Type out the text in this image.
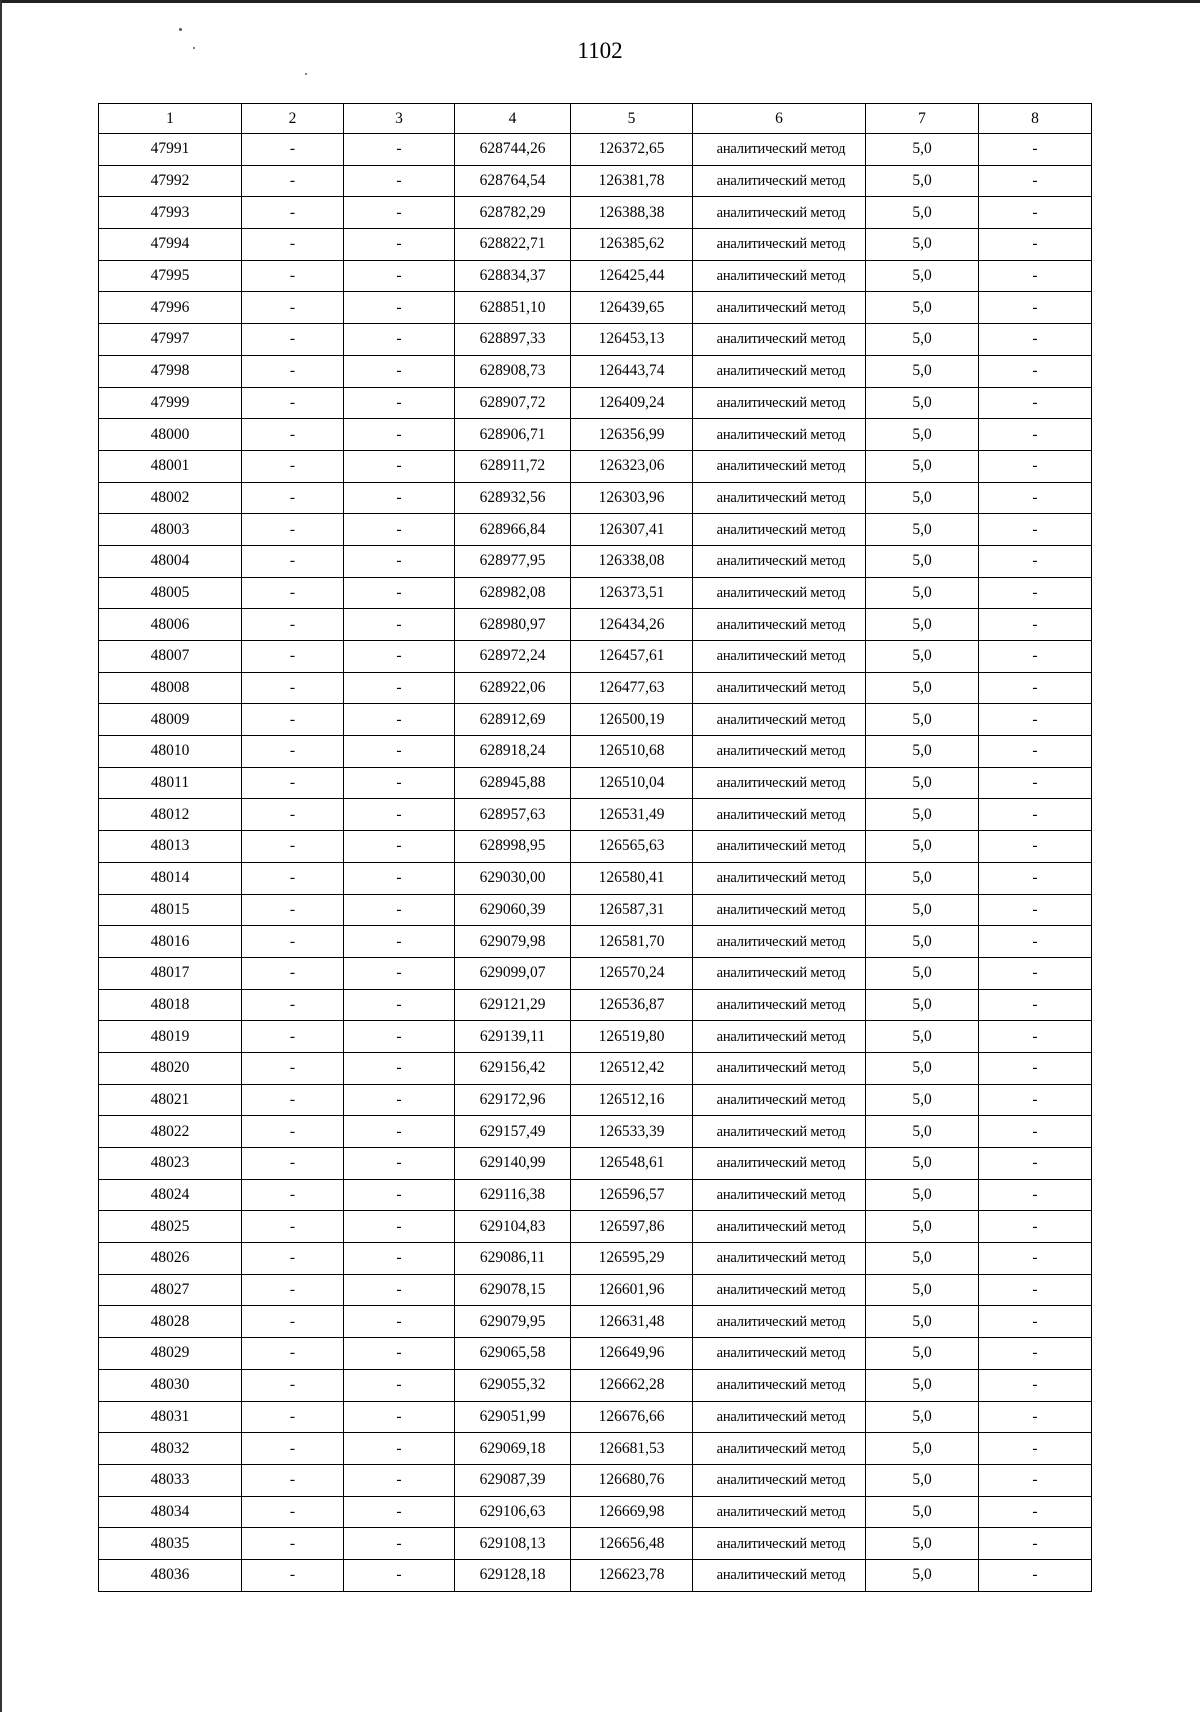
1102
1	2	3	4	5	6	7	8
47991	-	-	628744,26	126372,65	аналитический метод	5,0	-
47992	-	-	628764,54	126381,78	аналитический метод	5,0	-
47993	-	-	628782,29	126388,38	аналитический метод	5,0	-
47994	-	-	628822,71	126385,62	аналитический метод	5,0	-
47995	-	-	628834,37	126425,44	аналитический метод	5,0	-
47996	-	-	628851,10	126439,65	аналитический метод	5,0	-
47997	-	-	628897,33	126453,13	аналитический метод	5,0	-
47998	-	-	628908,73	126443,74	аналитический метод	5,0	-
47999	-	-	628907,72	126409,24	аналитический метод	5,0	-
48000	-	-	628906,71	126356,99	аналитический метод	5,0	-
48001	-	-	628911,72	126323,06	аналитический метод	5,0	-
48002	-	-	628932,56	126303,96	аналитический метод	5,0	-
48003	-	-	628966,84	126307,41	аналитический метод	5,0	-
48004	-	-	628977,95	126338,08	аналитический метод	5,0	-
48005	-	-	628982,08	126373,51	аналитический метод	5,0	-
48006	-	-	628980,97	126434,26	аналитический метод	5,0	-
48007	-	-	628972,24	126457,61	аналитический метод	5,0	-
48008	-	-	628922,06	126477,63	аналитический метод	5,0	-
48009	-	-	628912,69	126500,19	аналитический метод	5,0	-
48010	-	-	628918,24	126510,68	аналитический метод	5,0	-
48011	-	-	628945,88	126510,04	аналитический метод	5,0	-
48012	-	-	628957,63	126531,49	аналитический метод	5,0	-
48013	-	-	628998,95	126565,63	аналитический метод	5,0	-
48014	-	-	629030,00	126580,41	аналитический метод	5,0	-
48015	-	-	629060,39	126587,31	аналитический метод	5,0	-
48016	-	-	629079,98	126581,70	аналитический метод	5,0	-
48017	-	-	629099,07	126570,24	аналитический метод	5,0	-
48018	-	-	629121,29	126536,87	аналитический метод	5,0	-
48019	-	-	629139,11	126519,80	аналитический метод	5,0	-
48020	-	-	629156,42	126512,42	аналитический метод	5,0	-
48021	-	-	629172,96	126512,16	аналитический метод	5,0	-
48022	-	-	629157,49	126533,39	аналитический метод	5,0	-
48023	-	-	629140,99	126548,61	аналитический метод	5,0	-
48024	-	-	629116,38	126596,57	аналитический метод	5,0	-
48025	-	-	629104,83	126597,86	аналитический метод	5,0	-
48026	-	-	629086,11	126595,29	аналитический метод	5,0	-
48027	-	-	629078,15	126601,96	аналитический метод	5,0	-
48028	-	-	629079,95	126631,48	аналитический метод	5,0	-
48029	-	-	629065,58	126649,96	аналитический метод	5,0	-
48030	-	-	629055,32	126662,28	аналитический метод	5,0	-
48031	-	-	629051,99	126676,66	аналитический метод	5,0	-
48032	-	-	629069,18	126681,53	аналитический метод	5,0	-
48033	-	-	629087,39	126680,76	аналитический метод	5,0	-
48034	-	-	629106,63	126669,98	аналитический метод	5,0	-
48035	-	-	629108,13	126656,48	аналитический метод	5,0	-
48036	-	-	629128,18	126623,78	аналитический метод	5,0	-
